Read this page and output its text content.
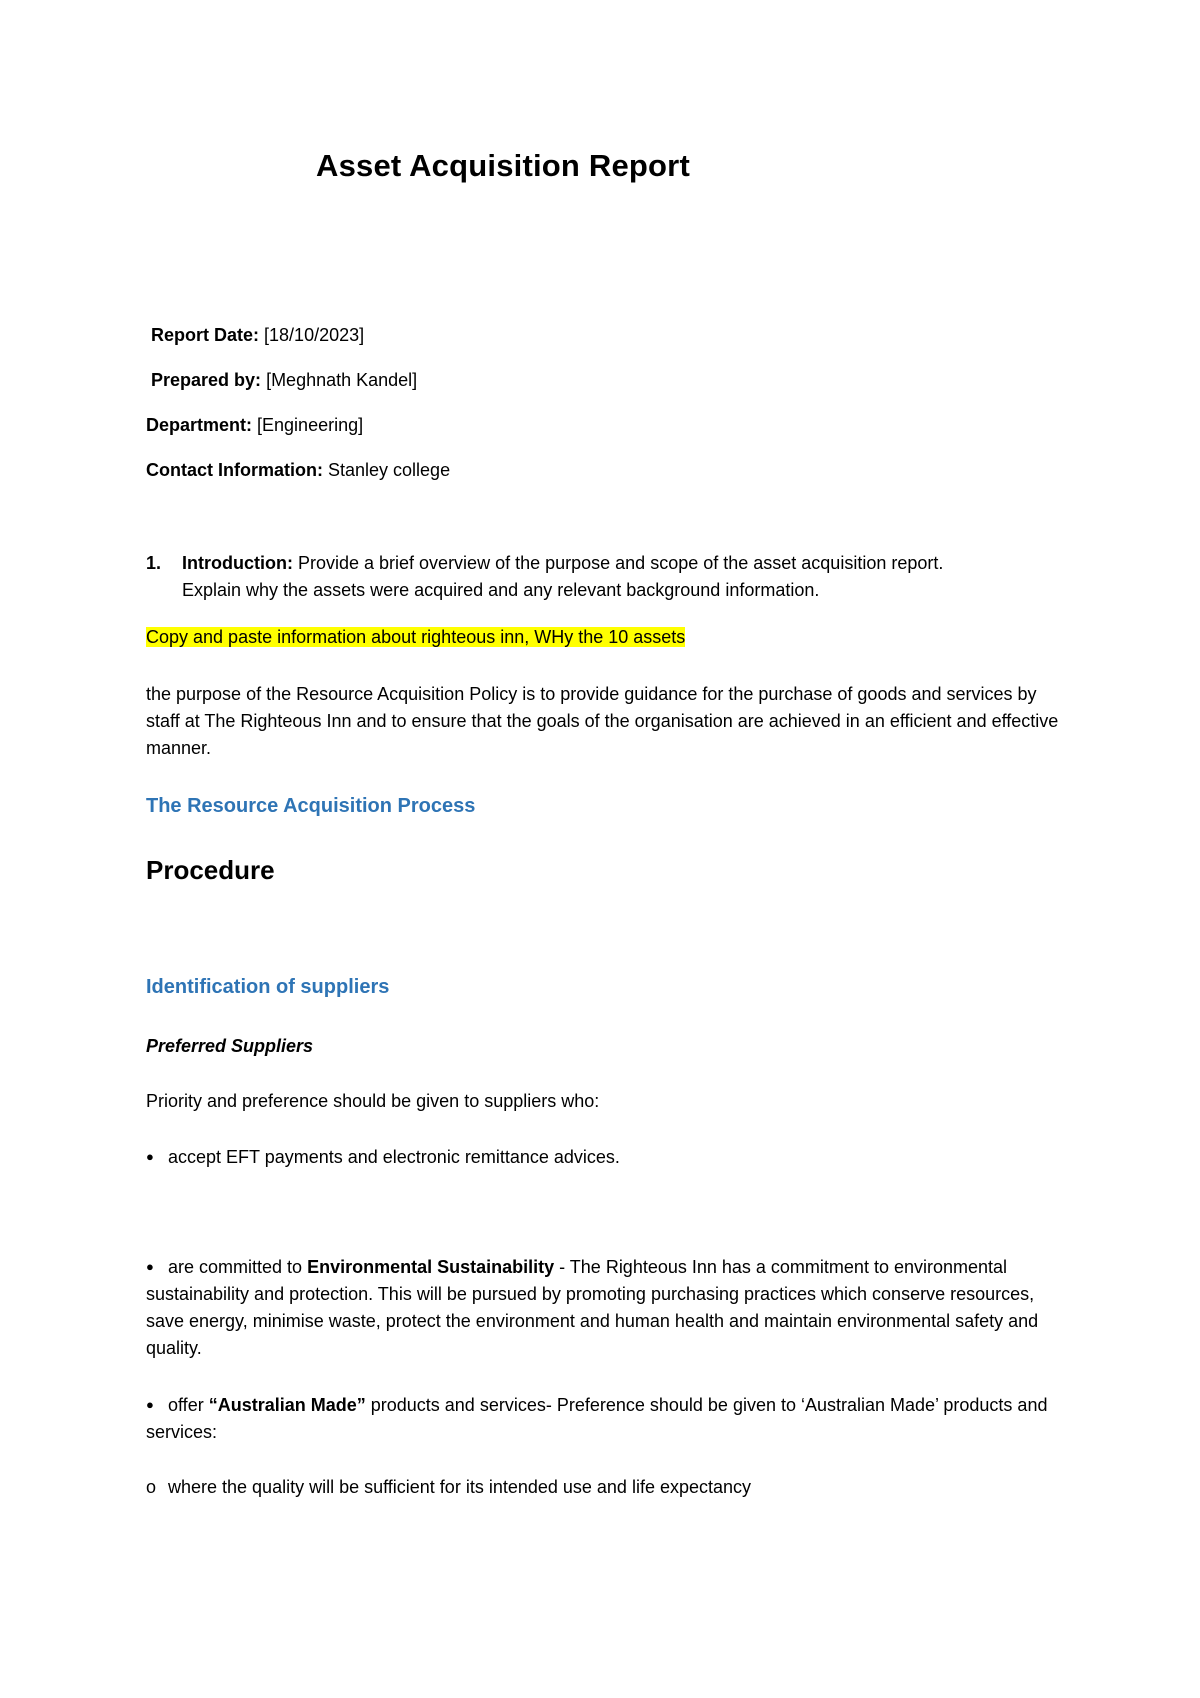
Asset Acquisition Report
Report Date: [18/10/2023]
Prepared by: [Meghnath Kandel]
Department: [Engineering]
Contact Information: Stanley college
1. Introduction: Provide a brief overview of the purpose and scope of the asset acquisition report.
Explain why the assets were acquired and any relevant background information.
Copy and paste information about righteous inn, WHy the 10 assets
the purpose of the Resource Acquisition Policy is to provide guidance for the purchase of goods and services by staff at The Righteous Inn and to ensure that the goals of the organisation are achieved in an efficient and effective manner.
The Resource Acquisition Process
Procedure
Identification of suppliers
Preferred Suppliers
Priority and preference should be given to suppliers who:
● accept EFT payments and electronic remittance advices.
● are committed to Environmental Sustainability - The Righteous Inn has a commitment to environmental sustainability and protection. This will be pursued by promoting purchasing practices which conserve resources, save energy, minimise waste, protect the environment and human health and maintain environmental safety and quality.
● offer “Australian Made” products and services- Preference should be given to ‘Australian Made’ products and services:
o where the quality will be sufficient for its intended use and life expectancy
